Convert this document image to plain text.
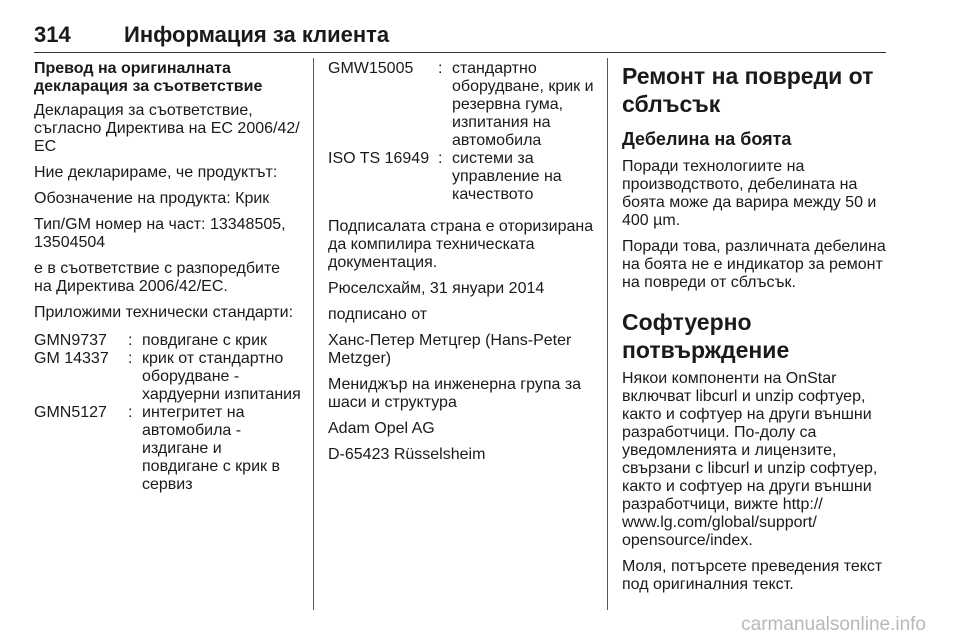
314 Информация за клиента
Превод на оригиналната
декларация за съответствие

Декларация за съответствие, съгласно Директива на ЕС 2006/42/ЕС

Ние декларираме, че продуктът:

Обозначение на продукта: Крик

Тип/GM номер на част: 13348505, 13504504

е в съответствие с разпоредбите на Директива 2006/42/ЕС.

Приложими технически стандарти:

GMN9737	: повдигане с крик
GM 14337	: крик от стандартно оборудване - хардуерни изпитания
GMN5127	: интегритет на автомобила - издигане и повдигане с крик в сервиз
GMW15005	: стандартно оборудване, крик и резервна гума, изпитания на автомобила
ISO TS 16949 : системи за управление на качеството

Подписалата страна е оторизирана да компилира техническата документация.

Рюселсхайм, 31 януари 2014

подписано от

Ханс-Петер Метцгер (Hans-Peter Metzger)

Мениджър на инженерна група за шаси и структура

Adam Opel AG

D-65423 Rüsselsheim

Ремонт на повреди от сблъсък
Дебелина на боята

Поради технологиите на производството, дебелината на боята може да варира между 50 и 400 µm.

Поради това, различната дебелина на боята не е индикатор за ремонт на повреди от сблъсък.

Софтуерно потвърждение

Някои компоненти на OnStar включват libcurl и unzip софтуер, както и софтуер на други външни разработчици. По-долу са уведомленията и лицензите, свързани с libcurl и unzip софтуер, както и софтуер на други външни разработчици, вижте http:// www.lg.com/global/support/ opensource/index.

Моля, потърсете преведения текст под оригиналния текст.

carmanualsonline.info
